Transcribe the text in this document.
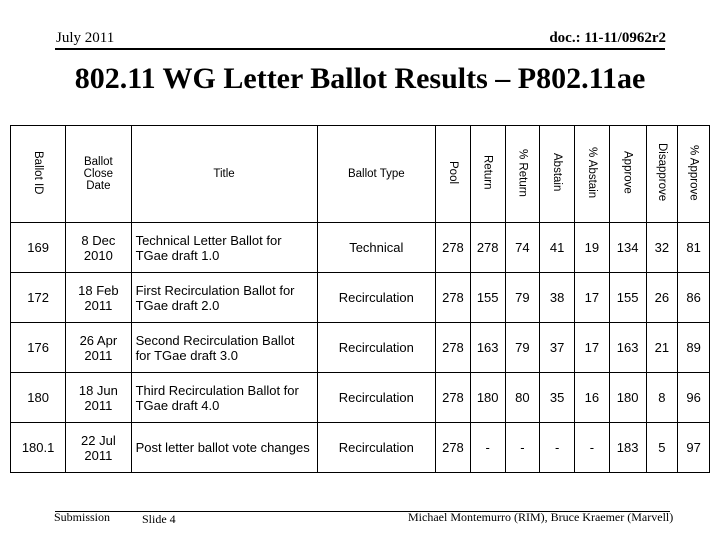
July 2011	doc.: 11-11/0962r2
802.11 WG Letter Ballot Results – P802.11ae
Ballot ID	Ballot Close Date	Title	Ballot Type	Pool	Return	% Return	Abstain	% Abstain	Approve	Disapprove	% Approve
169	8 Dec 2010	Technical Letter Ballot for TGae draft 1.0	Technical	278	278	74	41	19	134	32	81
172	18 Feb 2011	First Recirculation Ballot for TGae draft 2.0	Recirculation	278	155	79	38	17	155	26	86
176	26 Apr 2011	Second Recirculation Ballot for TGae draft 3.0	Recirculation	278	163	79	37	17	163	21	89
180	18 Jun 2011	Third Recirculation Ballot for TGae draft 4.0	Recirculation	278	180	80	35	16	180	8	96
180.1	22 Jul 2011	Post letter ballot vote changes	Recirculation	278	-	-	-	-	183	5	97
Submission	Slide 4	Michael Montemurro (RIM), Bruce Kraemer (Marvell)
